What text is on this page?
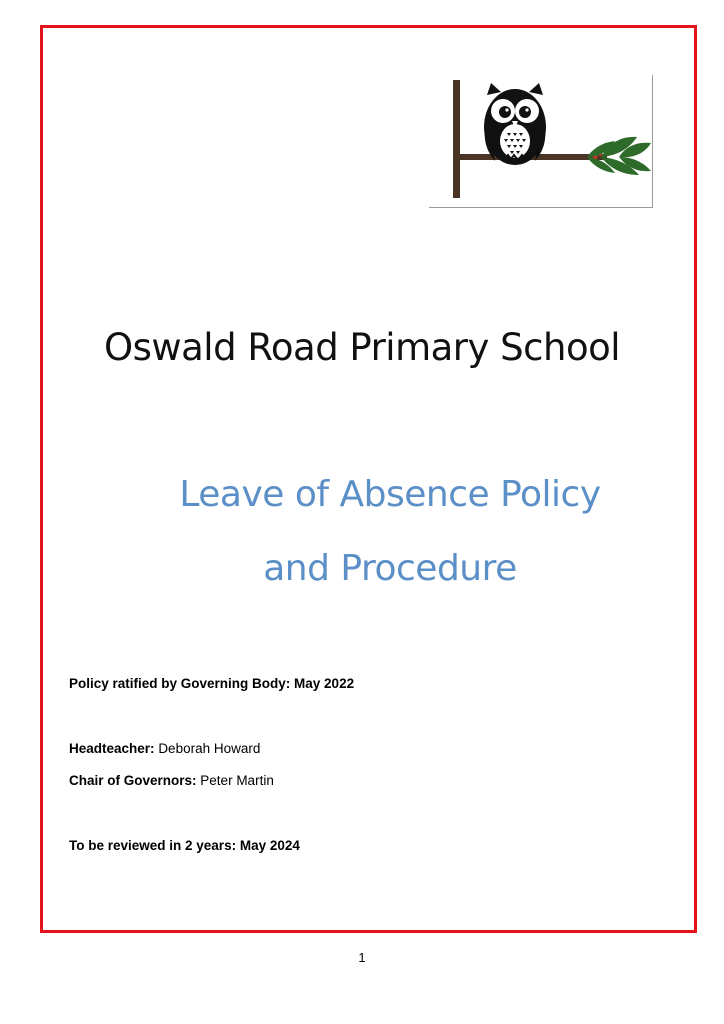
Oswald Road Primary School
Leave of Absence Policy
and Procedure
Policy ratified by Governing Body: May 2022
Headteacher: Deborah Howard
Chair of Governors: Peter Martin
To be reviewed in 2 years: May 2024
1
